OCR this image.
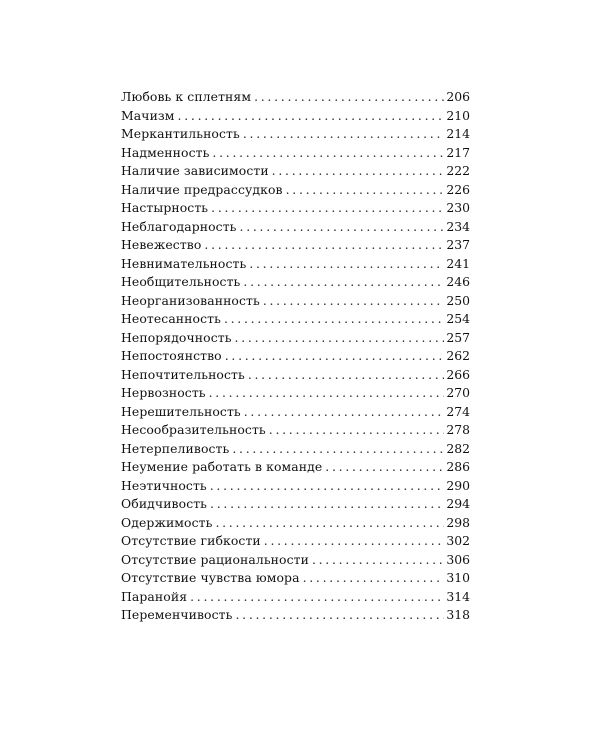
Любовь к сплетням . . .	206
Мачизм . . .	210
Меркантильность . . .	214
Надменность . . .	217
Наличие зависимости . . .	222
Наличие предрассудков . . .	226
Настырность . . .	230
Неблагодарность . . .	234
Невежество . . .	237
Невнимательность . . .	241
Необщительность . . .	246
Неорганизованность . . .	250
Неотесанность . . .	254
Непорядочность . . .	257
Непостоянство . . .	262
Непочтительность . . .	266
Нервозность . . .	270
Нерешительность . . .	274
Несообразительность . . .	278
Нетерпеливость . . .	282
Неумение работать в команде . . .	286
Неэтичность . . .	290
Обидчивость . . .	294
Одержимость . . .	298
Отсутствие гибкости . . .	302
Отсутствие рациональности . . .	306
Отсутствие чувства юмора . . .	310
Паранойя . . .	314
Переменчивость . . .	318
